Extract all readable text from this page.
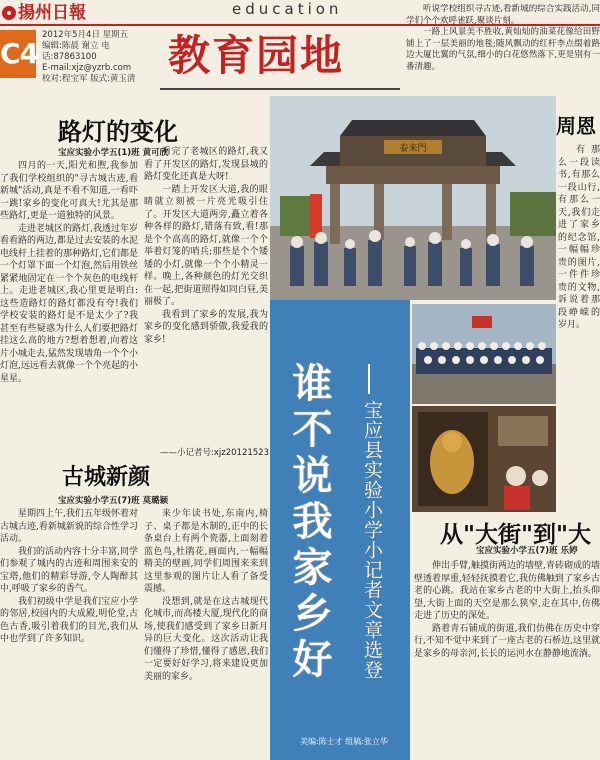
揚州日報	education
C4
2012年5月4日 星期五
编辑:陈晨 谢立 电话:87863100
E-mail:xjz@yzrb.com
校对:程宝军 版式:黄玉清 教育园地

听说学校组织寻古迹,看新城的综合实践活动,同学们个个欢呼雀跃,聚谈片刻。

一路上风景美不胜收,黄灿灿的油菜花像给田野铺上了一层美丽的地毯;随风飘动的红杆李点缀着路边大厦比翼的气氛,细小的白花悠然落下,更是别有一番清趣。

路灯的变化
宝应实验小学五(1)班 黄可欣

四月的一天,阳光和煦,我参加了我们学校组织的"寻古城古迹,看新城"活动,真是不看不知道,一看吓一跳!家乡的变化可真大!尤其是那些路灯,更是一道独特的风景。

走进老城区的路灯,我透过年岁看看路的两边,都是过去安装的水泥电线杆上挂着的那种路灯,它们都是一个灯罩下面一个灯泡,然后用铁丝紧紧地固定在一个个灰色的电线杆上。走进老城区,我心里更是明白:这些造路灯的路灯都没有夸!我们学校安装的路灯是不是太少了?我甚至有些疑惑为什么人们要把路灯挂这么高的地方?想着想着,向着这片小城走去,猛然发现墙角一个个小灯泡,远远看去就像一个个亮起的小星星。

看完了老城区的路灯,我又看了开发区的路灯,发现县城的路灯变化还真是大呀!

一踏上开发区大道,我的眼睛就立刻被一片亮光吸引住了。开发区大道两旁,矗立着各种各样的路灯,错落有致,看!那是个个高高的路灯,就像一个个举着灯笼的哨兵;那些是个个矮矮的小灯,就像一个个小精灵一样。晚上,各种颜色的灯光交织在一起,把街道照得如同白昼,美丽极了。

我看到了家乡的发展,我为家乡的变化感到骄傲,我爱我的家乡!

——小记者号:xjz20121523
古城新颜
宝应实验小学五(7)班 莫璐颖

星期四上午,我们五年级怀着对古城古迹,看新城新貌的综合性学习活动。

我们的活动内容十分丰富,同学们参观了城内的古迹和周围来安的宝塔,他们的精彩导游,令人陶醉其中,呼吸了家乡的香气。

我们初级中学是我们宝应小学的邻居,校园内的大成殿,明伦堂,古色古香,吸引着我们的目光,我们从中也学到了许多知识。

来少年读书处,东南内,椅子、桌子都是木制的,正中的长条桌台上有两个瓷器,上面刻着蓝色鸟,杜鹃花,画面内,一幅幅精美的壁画,同学们周围来来到这里参观的图片让人看了备受震撼。

没想到,就是在这古城现代化城市,而高楼大厦,现代化的商场,使我们感受到了家乡日新月异的巨大变化。这次活动让我们懂得了珍惜,懂得了感恩,我们一定要好好学习,将来建设更加美丽的家乡。

泰来門
谁不说我家乡好 宝应县实验小学小记者文章选登
美编:陈士才 组稿:张立华
周恩

有那么一段读书,有那么一段山行,有那么一天,我们走进了家乡的纪念馆,一幅幅珍贵的图片,一件件珍贵的文物,诉说着那段峥嵘的岁月。

从"大街"到"大
宝应实验小学五(7)班 乐婷

伸出手臂,触摸街两边的墙壁,青砖砌成的墙壁透着厚重,轻轻抚摸着它,我仿佛触到了家乡古老的心跳。我站在家乡古老的中大街上,抬头仰望,大街上面的天空是那么狭窄,走在其中,仿佛走进了历史的深处。

路着青石铺成的街道,我们仿佛在历史中穿行,不知不觉中来到了一座古老的石桥边,这里就是家乡的母亲河,长长的运河水在静静地流淌。
